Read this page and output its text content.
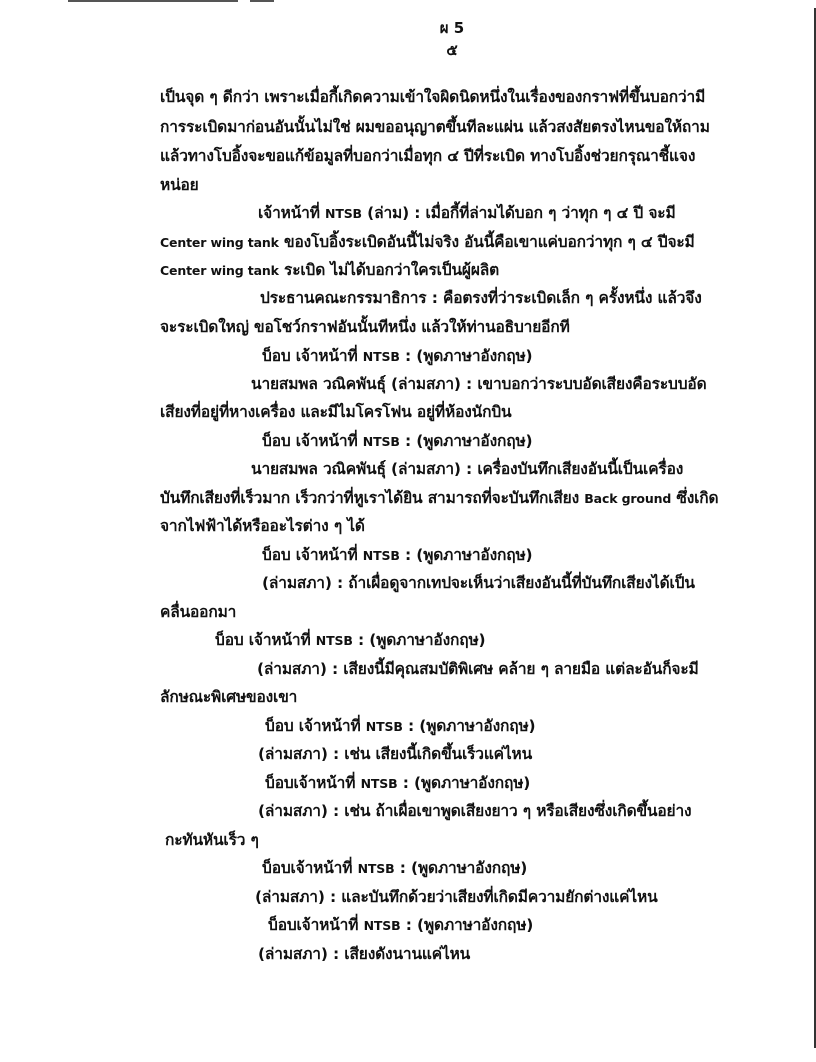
ผ 5
๕
เป็นจุด ๆ ดีกว่า เพราะเมื่อกี้เกิดความเข้าใจผิดนิดหนึ่งในเรื่องของกราฟที่ขึ้นบอกว่ามี
การระเบิดมาก่อนอันนั้นไม่ใช่ ผมขออนุญาตขึ้นทีละแผ่น แล้วสงสัยตรงไหนขอให้ถาม
แล้วทางโบอิ้งจะขอแก้ข้อมูลที่บอกว่าเมื่อทุก ๔ ปีที่ระเบิด ทางโบอิ้งช่วยกรุณาชี้แจง
หน่อย
เจ้าหน้าที่ NTSB (ล่าม) : เมื่อกี้ที่ล่ามได้บอก ๆ ว่าทุก ๆ ๔ ปี จะมี
Center wing tank ของโบอิ้งระเบิดอันนี้ไม่จริง อันนี้คือเขาแค่บอกว่าทุก ๆ ๔ ปีจะมี
Center wing tank ระเบิด ไม่ได้บอกว่าใครเป็นผู้ผลิต
ประธานคณะกรรมาธิการ : คือตรงที่ว่าระเบิดเล็ก ๆ ครั้งหนึ่ง แล้วจึง
จะระเบิดใหญ่ ขอโชว์กราฟอันนั้นทีหนึ่ง แล้วให้ท่านอธิบายอีกที
บ็อบ เจ้าหน้าที่ NTSB : (พูดภาษาอังกฤษ)
นายสมพล วณิคพันธุ์ (ล่ามสภา) : เขาบอกว่าระบบอัดเสียงคือระบบอัด
เสียงที่อยู่ที่หางเครื่อง และมีไมโครโฟน อยู่ที่ห้องนักบิน
บ็อบ เจ้าหน้าที่ NTSB : (พูดภาษาอังกฤษ)
นายสมพล วณิคพันธุ์ (ล่ามสภา) : เครื่องบันทึกเสียงอันนี้เป็นเครื่อง
บันทึกเสียงที่เร็วมาก เร็วกว่าที่หูเราได้ยิน สามารถที่จะบันทึกเสียง Back ground ซึ่งเกิด
จากไฟฟ้าได้หรืออะไรต่าง ๆ ได้
บ็อบ เจ้าหน้าที่ NTSB : (พูดภาษาอังกฤษ)
(ล่ามสภา) : ถ้าเผื่อดูจากเทปจะเห็นว่าเสียงอันนี้ที่บันทึกเสียงได้เป็น
คลื่นออกมา
บ็อบ เจ้าหน้าที่ NTSB : (พูดภาษาอังกฤษ)
(ล่ามสภา) : เสียงนี้มีคุณสมบัติพิเศษ คล้าย ๆ ลายมือ แต่ละอันก็จะมี
ลักษณะพิเศษของเขา
บ็อบ เจ้าหน้าที่ NTSB : (พูดภาษาอังกฤษ)
(ล่ามสภา) : เช่น เสียงนี้เกิดขึ้นเร็วแค่ไหน
บ็อบเจ้าหน้าที่ NTSB : (พูดภาษาอังกฤษ)
(ล่ามสภา) : เช่น ถ้าเผื่อเขาพูดเสียงยาว ๆ หรือเสียงซึ่งเกิดขึ้นอย่าง
กะทันหันเร็ว ๆ
บ็อบเจ้าหน้าที่ NTSB : (พูดภาษาอังกฤษ)
(ล่ามสภา) : และบันทึกด้วยว่าเสียงที่เกิดมีความยักต่างแค่ไหน
บ็อบเจ้าหน้าที่ NTSB : (พูดภาษาอังกฤษ)
(ล่ามสภา) : เสียงดังนานแค่ไหน
